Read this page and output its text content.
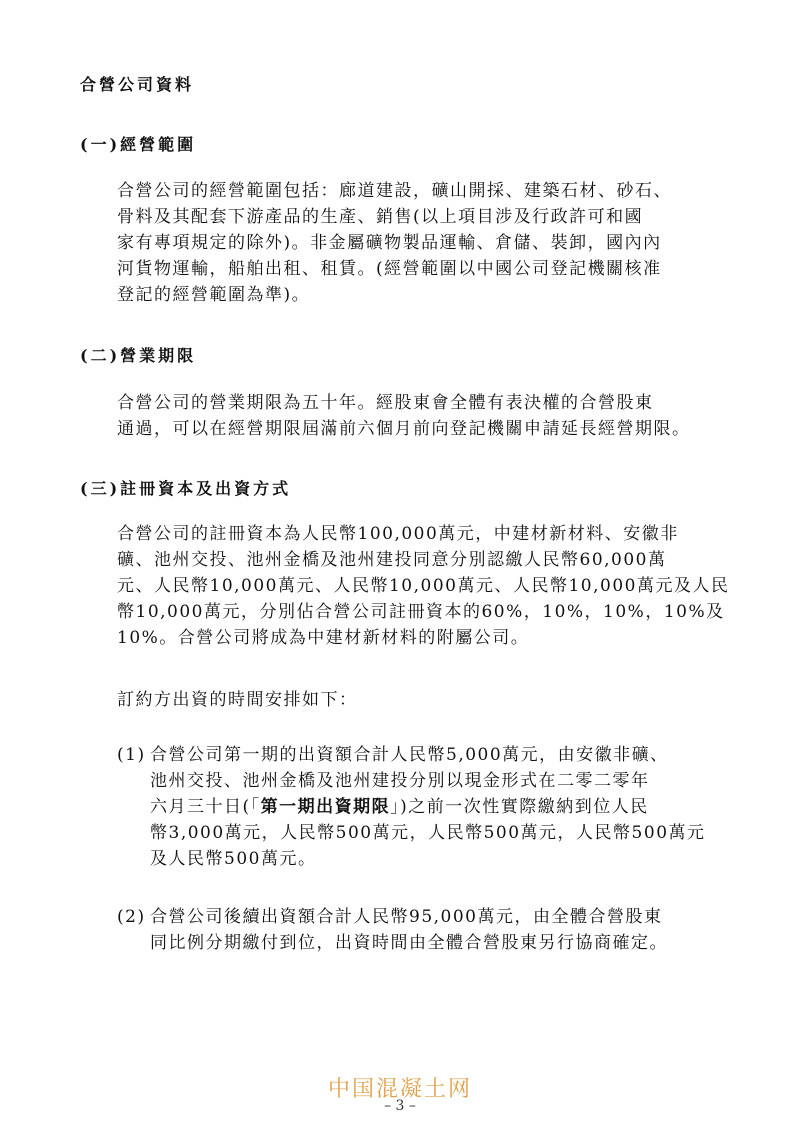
合營公司資料
(一)經營範圍
合營公司的經營範圍包括：廊道建設，礦山開採、建築石材、砂石、
骨料及其配套下游產品的生產、銷售(以上項目涉及行政許可和國
家有專項規定的除外)。非金屬礦物製品運輸、倉儲、裝卸，國內內
河貨物運輸，船舶出租、租賃。(經營範圍以中國公司登記機關核准
登記的經營範圍為準)。
(二)營業期限
合營公司的營業期限為五十年。經股東會全體有表決權的合營股東
通過，可以在經營期限屆滿前六個月前向登記機關申請延長經營期限。
(三)註冊資本及出資方式
合營公司的註冊資本為人民幣100,000萬元，中建材新材料、安徽非
礦、池州交投、池州金橋及池州建投同意分別認繳人民幣60,000萬
元、人民幣10,000萬元、人民幣10,000萬元、人民幣10,000萬元及人民
幣10,000萬元，分別佔合營公司註冊資本的60%，10%，10%，10%及
10%。合營公司將成為中建材新材料的附屬公司。
訂約方出資的時間安排如下：
(1) 合營公司第一期的出資額合計人民幣5,000萬元，由安徽非礦、
池州交投、池州金橋及池州建投分別以現金形式在二零二零年
六月三十日(「第一期出資期限」)之前一次性實際繳納到位人民
幣3,000萬元，人民幣500萬元，人民幣500萬元，人民幣500萬元
及人民幣500萬元。
(2) 合營公司後續出資額合計人民幣95,000萬元，由全體合營股東
同比例分期繳付到位，出資時間由全體合營股東另行協商確定。
中国混凝土网
– 3 –
